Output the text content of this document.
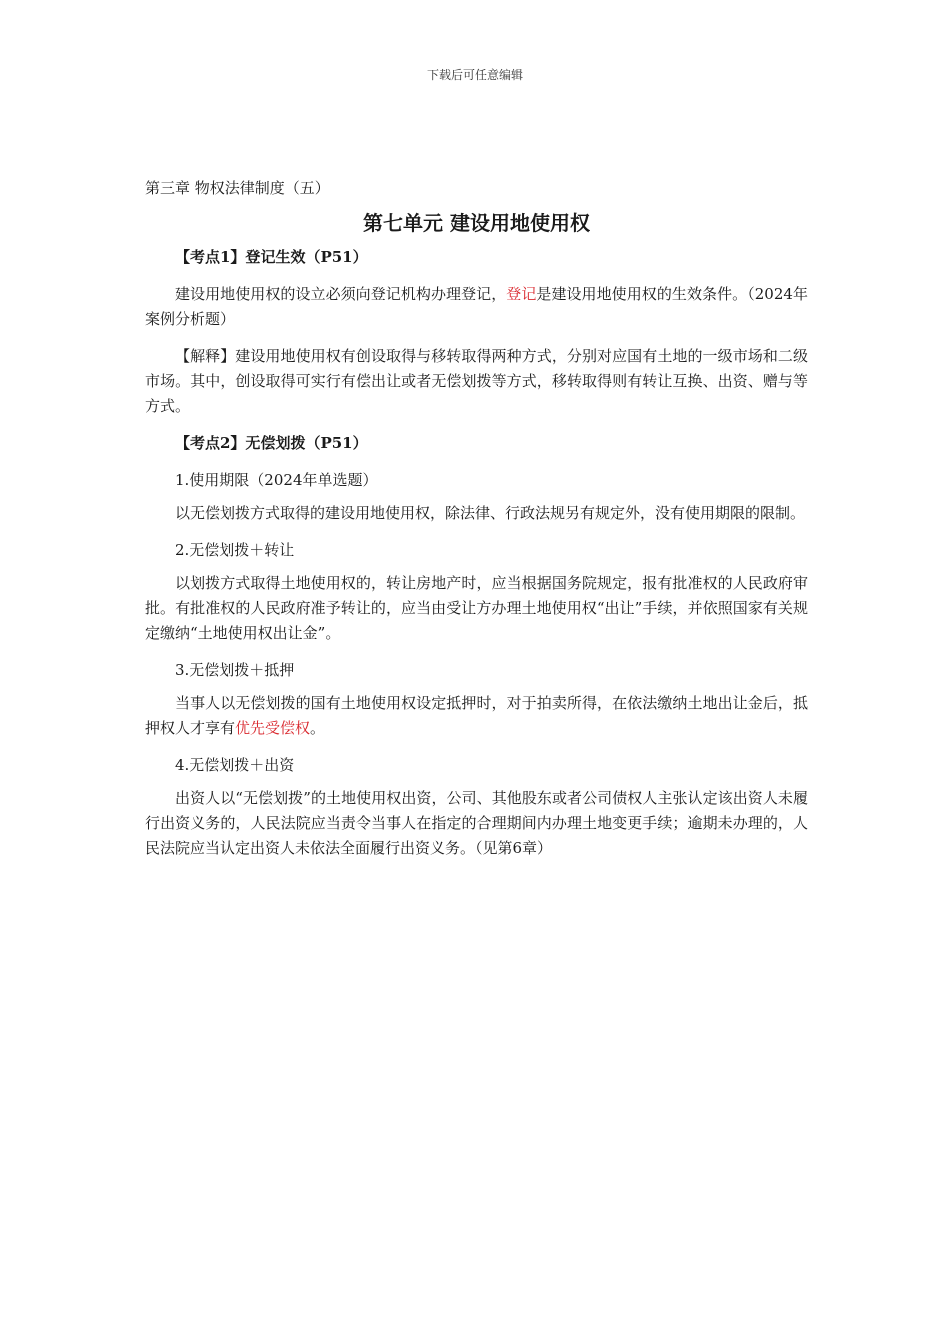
下载后可任意编辑
第三章 物权法律制度（五）
第七单元 建设用地使用权
【考点1】登记生效（P51）
建设用地使用权的设立必须向登记机构办理登记，登记是建设用地使用权的生效条件。（2024年案例分析题）
【解释】建设用地使用权有创设取得与移转取得两种方式，分别对应国有土地的一级市场和二级市场。其中，创设取得可实行有偿出让或者无偿划拨等方式，移转取得则有转让互换、出资、赠与等方式。
【考点2】无偿划拨（P51）
1.使用期限（2024年单选题）
以无偿划拨方式取得的建设用地使用权，除法律、行政法规另有规定外，没有使用期限的限制。
2.无偿划拨＋转让
以划拨方式取得土地使用权的，转让房地产时，应当根据国务院规定，报有批准权的人民政府审批。有批准权的人民政府准予转让的，应当由受让方办理土地使用权“出让”手续，并依照国家有关规定缴纳“土地使用权出让金”。
3.无偿划拨＋抵押
当事人以无偿划拨的国有土地使用权设定抵押时，对于拍卖所得，在依法缴纳土地出让金后，抵押权人才享有优先受偿权。
4.无偿划拨＋出资
出资人以“无偿划拨”的土地使用权出资，公司、其他股东或者公司债权人主张认定该出资人未履行出资义务的，人民法院应当责令当事人在指定的合理期间内办理土地变更手续；逾期未办理的，人民法院应当认定出资人未依法全面履行出资义务。（见第6章）
